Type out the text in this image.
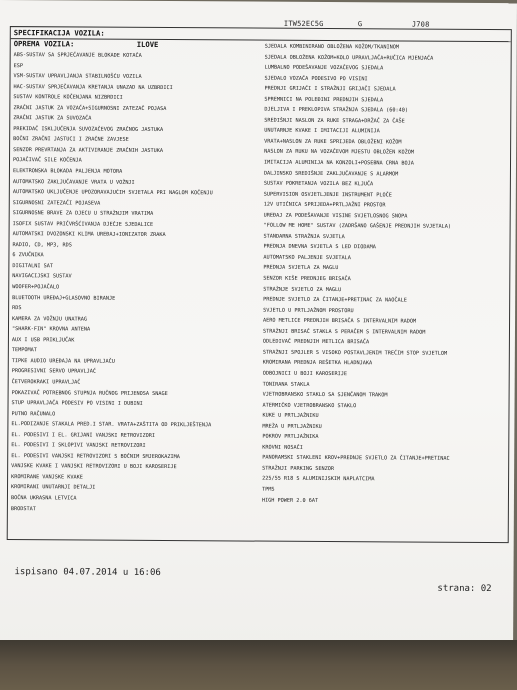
ITW52EC5G	G	J708
SPECIFIKACIJA VOZILA:
OPREMA VOZILA:	ILOVE
ABS-SUSTAV SA SPRJEČAVANJE BLOKADE KOTAČA
ESP
VSM-SUSTAV UPRAVLJANJA STABILNOŠĆU VOZILA
HAC-SUSTAV SPRJEČAVANJA KRETANJA UNAZAD NA UZBRDICI
SUSTAV KONTROLE KOČENJANA NIZBRDICI
ZRAČNI JASTUK ZA VOZAČA+SIGURNOSNI ZATEZAČ POJASA
ZRAČNI JASTUK ZA SUVOZAČA
PREKIDAČ ISKLJUČENJA SUVOZAČEVOG ZRAČNOG JASTUKA
BOČNI ZRAČNI JASTUCI I ZRAČNE ZAVJESE
SENZOR PREVRTANJA ZA AKTIVIRANJE ZRAČNIH JASTUKA
POJAČIVAČ SILE KOČENJA
ELEKTRONSKA BLOKADA PALJENJA MOTORA
AUTOMATSKO ZAKLJUČAVANJE VRATA U VOŽNJI
AUTOMATSKO UKLJUČENJE UPOZORAVAJUĆIH SVJETALA PRI NAGLOM KOČENJU
SIGURNOSNI ZATEZAČI POJASEVA
SIGURNOSNE BRAVE ZA DJECU U STRAŽNJIM VRATIMA
ISOFIX SUSTAV PRIČVRŠĆIVANJA DJEČJE SJEDALICE
AUTOMATSKI DVOZONSKI KLIMA UREĐAJ+IONIZATOR ZRAKA
RADIO, CD, MP3, RDS
6 ZVUČNIKA
DIGITALNI SAT
NAVIGACIJSKI SUSTAV
WOOFER+POJAČALO
BLUETOOTH UREĐAJ+GLASOVNO BIRANJE
RDS
KAMERA ZA VOŽNJU UNATRAG
"SHARK-FIN" KROVNA ANTENA
AUX I USB PRIKLJUČAK
TEMPOMAT
TIPKE AUDIO UREĐAJA NA UPRAVLJAČU
PROGRESIVNI SERVO UPRAVLJAČ
ČETVEROKRAKI UPRAVLJAČ
POKAZIVAČ POTREBNOG STUPNJA RUČNOG PRIJENOSA SNAGE
STUP UPRAVLJAČA PODESIV PO VISINI I DUBINI
PUTNO RAČUNALO
EL.PODIZANJE STAKALA PRED.I STAR. VRATA+ZAŠTITA OD PRIKLJEŠTENJA
EL. PODESIVI I EL. GRIJANI VANJSKI RETROVIZORI
EL. PODESIVI I SKLOPIVI VANJSKI RETROVIZORI
EL. PODESIVI VANJSKI RETROVIZORI S BOČNIM SMJEROKAZIMA
VANJSKE KVAKE I VANJSKI RETROVIZORI U BOJI KAROSERIJE
KROMIRANE VANJSKE KVAKE
KROMIRANI UNUTARNJI DETALJI
BOČNA UKRASNA LETVICA
BRODSTAT
SJEDALA KOMBINIRANO OBLOŽENA KOŽOM/TKANINOM
SJEDALA OBLOŽENA KOŽOM+KOLO UPRAVLJAČA+RUČICA MJENJAČA
LUMBALNO PODEŠAVANJE VOZAČEVOG SJEDALA
SJEDALO VOZAČA PODESIVO PO VISINI
PREDNJI GRIJAČI I STRAŽNJI GRIJAČI SJEDALA
SPREMNICI NA POLEĐINI PREDNJIH SJEDALA
DJELJIVA I PREKLOPIVA STRAŽNJA SJEDALA (60:40)
SREDIŠNJI NASLON ZA RUKE STRAGA+DRŽAČ ZA ČAŠE
UNUTARNJE KVAKE I IMITACIJI ALUMINIJA
VRATA+NASLON ZA RUKE SPRIJEDA OBLOŽENI KOŽOM
NASLON ZA RUKU NA VOZAČEVOM MJESTU OBLOŽEN KOŽOM
IMITACIJA ALUMINIJA NA KONZOLI+POSEBNA CRNA BOJA
DALJINSKO SREDIŠNJE ZAKLJUČAVANJE S ALARMOM
SUSTAV POKRETANJA VOZILA BEZ KLJUČA
SUPERVISION OSVJETLJENJE INSTRUMENT PLOČE
12V UTIČNICA SPRIJEDA+PRTLJAŽNI PROSTOR
UREĐAJ ZA PODEŠAVANJE VISINE SVJETLOSNOG SNOPA
"FOLLOW ME HOME" SUSTAV (ZADRŠANO GAŠENJE PREDNJIH SVJETALA)
STANDARNA STRAŽNJA SVJETLA
PREDNJA DNEVNA SVJETLA S LED DIODAMA
AUTOMATSKO PALJENJE SVJETALA
PREDNJA SVJETLA ZA MAGLU
SENZOR KIŠE PREDNJEG BRISAČA
STRAŽNJE SVJETLO ZA MAGLU
PREDNJE SVJETLO ZA ČITANJE+PRETINAC ZA NAOČALE
SVJETLO U PRTLJAŽNOM PROSTORU
AERO METLICE PREDNJIH BRISAČA S INTERVALNIM RADOM
STRAŽNJI BRISAČ STAKLA S PERAČEM S INTERVALNIM RADOM
ODLEDIVAČ PREDNJIH METLICA BRISAČA
STRAŽNJI SPOJLER S VISOKO POSTAVLJENIM TREĆIM STOP SVJETLOM
KROMIRANA PREDNJA REŠETKA HLADNJAKA
ODBOJNICI U BOJI KAROSERIJE
TONIRANA STAKLA
VJETROBRANSKO STAKLO SA SJENČANOM TRAKOM
ATERMIČKO VJETROBRANSKO STAKLO
KUKE U PRTLJAŽNIKU
MREŽA U PRTLJAŽNIKU
POKROV PRTLJAŽNIKA
KROVNI NOSAČI
PANORAMSKI STAKLENI KROV+PREDNJE SVJETLO ZA ČITANJE+PRETINAC
STRAŽNJI PARKING SENZOR
225/55 R18 S ALUMINIJSKIM NAPLATCIMA
TPMS
HIGH POWER 2.0 6AT
ispisano 04.07.2014 u 16:06
strana: 02
